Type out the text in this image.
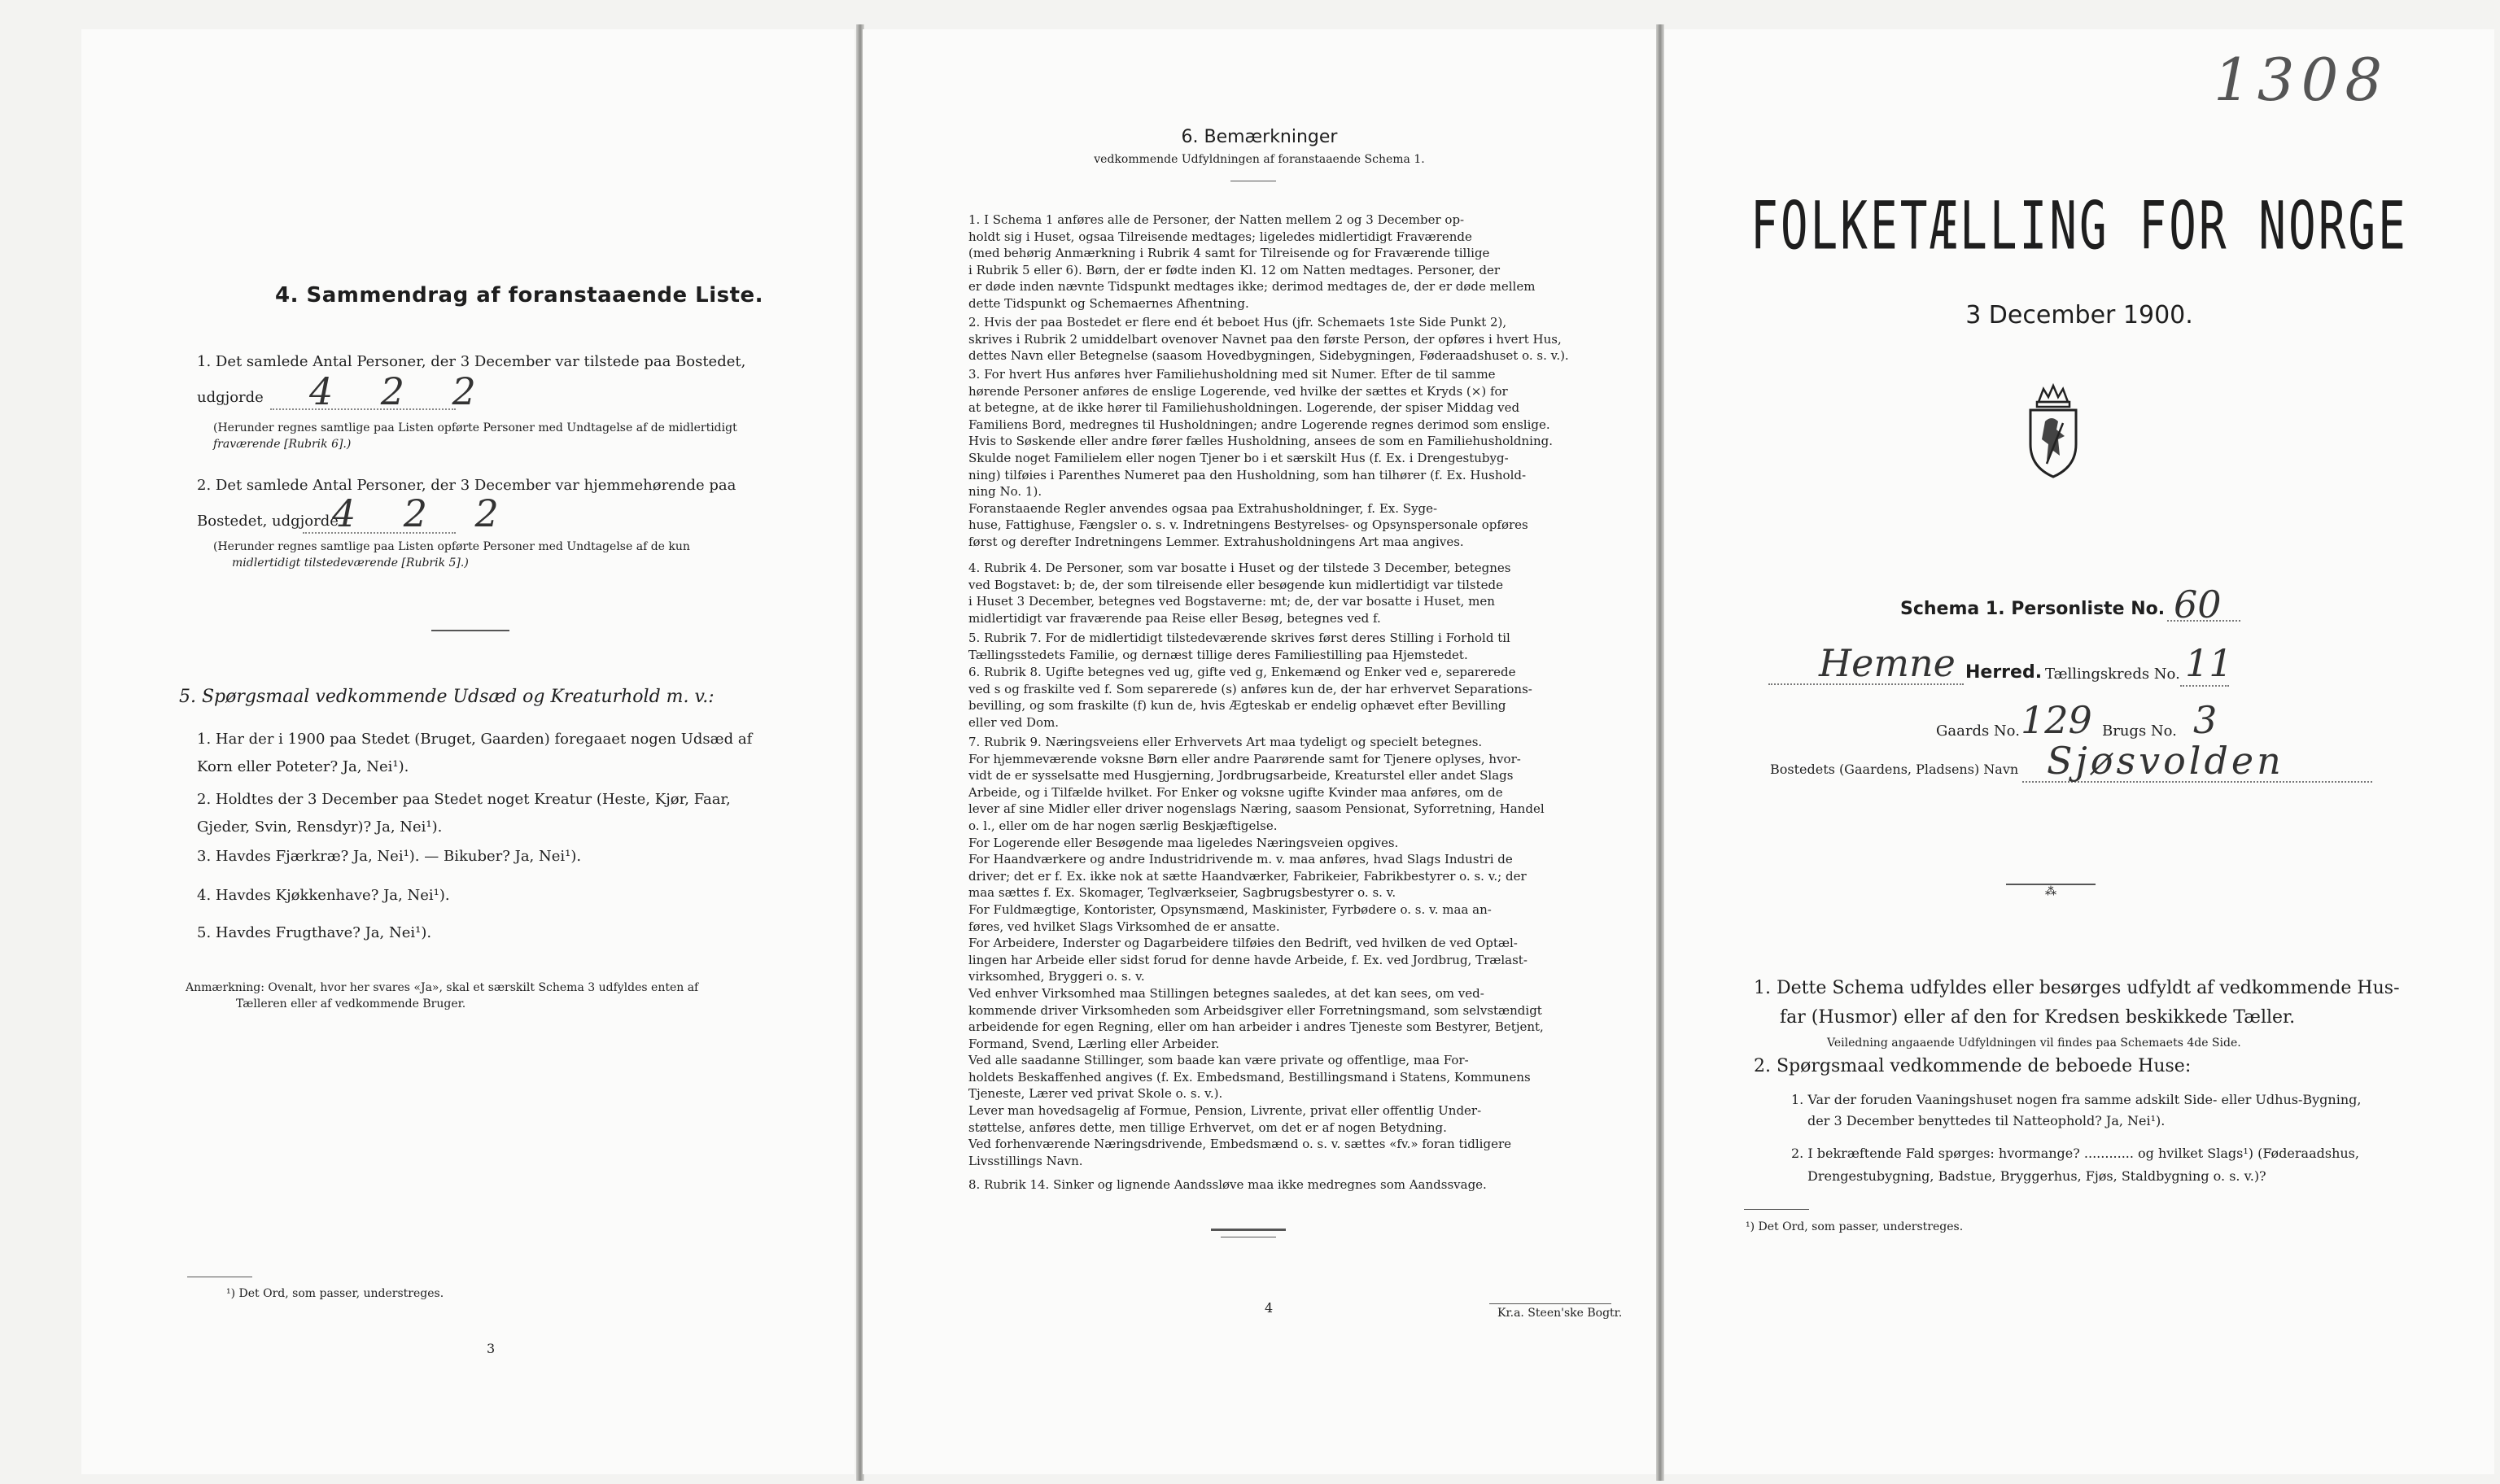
4. Sammendrag af foranstaaende Liste.
1. Det samlede Antal Personer, der 3 December var tilstede paa Bostedet,
udgjorde 4    2    2
(Herunder regnes samtlige paa Listen opførte Personer med Undtagelse af de midlertidigt
fraværende [Rubrik 6].)
2. Det samlede Antal Personer, der 3 December var hjemmehørende paa
Bostedet, udgjorde
4    2    2
(Herunder regnes samtlige paa Listen opførte Personer med Undtagelse af de kun
midlertidigt tilstedeværende [Rubrik 5].)
5. Spørgsmaal vedkommende Udsæd og Kreaturhold m. v.:
1. Har der i 1900 paa Stedet (Bruget, Gaarden) foregaaet nogen Udsæd af
Korn eller Poteter? Ja, Nei¹).
2. Holdtes der 3 December paa Stedet noget Kreatur (Heste, Kjør, Faar,
Gjeder, Svin, Rensdyr)? Ja, Nei¹).
3. Havdes Fjærkræ? Ja, Nei¹). — Bikuber? Ja, Nei¹).
4. Havdes Kjøkkenhave? Ja, Nei¹).
5. Havdes Frugthave? Ja, Nei¹).
Anmærkning: Ovenalt, hvor her svares «Ja», skal et særskilt Schema 3 udfyldes enten af
Tælleren eller af vedkommende Bruger.
¹) Det Ord, som passer, understreges.
3
6. Bemærkninger
vedkommende Udfyldningen af foranstaaende Schema 1.
1. I Schema 1 anføres alle de Personer, der Natten mellem 2 og 3 December op-
holdt sig i Huset, ogsaa Tilreisende medtages; ligeledes midlertidigt Fraværende
(med behørig Anmærkning i Rubrik 4 samt for Tilreisende og for Fraværende tillige
i Rubrik 5 eller 6). Børn, der er fødte inden Kl. 12 om Natten medtages. Personer, der
er døde inden nævnte Tidspunkt medtages ikke; derimod medtages de, der er døde mellem
dette Tidspunkt og Schemaernes Afhentning.
2. Hvis der paa Bostedet er flere end ét beboet Hus (jfr. Schemaets 1ste Side Punkt 2),
skrives i Rubrik 2 umiddelbart ovenover Navnet paa den første Person, der opføres i hvert Hus,
dettes Navn eller Betegnelse (saasom Hovedbygningen, Sidebygningen, Føderaadshuset o. s. v.).
3. For hvert Hus anføres hver Familiehusholdning med sit Numer. Efter de til samme
hørende Personer anføres de enslige Logerende, ved hvilke der sættes et Kryds (×) for
at betegne, at de ikke hører til Familiehusholdningen. Logerende, der spiser Middag ved
Familiens Bord, medregnes til Husholdningen; andre Logerende regnes derimod som enslige.
Hvis to Søskende eller andre fører fælles Husholdning, ansees de som en Familiehusholdning.
Skulde noget Familielem eller nogen Tjener bo i et særskilt Hus (f. Ex. i Drengestubyg-
ning) tilføies i Parenthes Numeret paa den Husholdning, som han tilhører (f. Ex. Hushold-
ning No. 1).
Foranstaaende Regler anvendes ogsaa paa Extrahusholdninger, f. Ex. Syge-
huse, Fattighuse, Fængsler o. s. v. Indretningens Bestyrelses- og Opsynspersonale opføres
først og derefter Indretningens Lemmer. Extrahusholdningens Art maa angives.
4. Rubrik 4. De Personer, som var bosatte i Huset og der tilstede 3 December, betegnes
ved Bogstavet: b; de, der som tilreisende eller besøgende kun midlertidigt var tilstede
i Huset 3 December, betegnes ved Bogstaverne: mt; de, der var bosatte i Huset, men
midlertidigt var fraværende paa Reise eller Besøg, betegnes ved f.
5. Rubrik 7. For de midlertidigt tilstedeværende skrives først deres Stilling i Forhold til
Tællingsstedets Familie, og dernæst tillige deres Familiestilling paa Hjemstedet.
6. Rubrik 8. Ugifte betegnes ved ug, gifte ved g, Enkemænd og Enker ved e, separerede
ved s og fraskilte ved f. Som separerede (s) anføres kun de, der har erhvervet Separations-
bevilling, og som fraskilte (f) kun de, hvis Ægteskab er endelig ophævet efter Bevilling
eller ved Dom.
7. Rubrik 9. Næringsveiens eller Erhvervets Art maa tydeligt og specielt betegnes.
For hjemmeværende voksne Børn eller andre Paarørende samt for Tjenere oplyses, hvor-
vidt de er sysselsatte med Husgjerning, Jordbrugsarbeide, Kreaturstel eller andet Slags
Arbeide, og i Tilfælde hvilket. For Enker og voksne ugifte Kvinder maa anføres, om de
lever af sine Midler eller driver nogenslags Næring, saasom Pensionat, Syforretning, Handel
o. l., eller om de har nogen særlig Beskjæftigelse.
For Logerende eller Besøgende maa ligeledes Næringsveien opgives.
For Haandværkere og andre Industridrivende m. v. maa anføres, hvad Slags Industri de
driver; det er f. Ex. ikke nok at sætte Haandværker, Fabrikeier, Fabrikbestyrer o. s. v.; der
maa sættes f. Ex. Skomager, Teglværkseier, Sagbrugsbestyrer o. s. v.
For Fuldmægtige, Kontorister, Opsynsmænd, Maskinister, Fyrbødere o. s. v. maa an-
føres, ved hvilket Slags Virksomhed de er ansatte.
For Arbeidere, Inderster og Dagarbeidere tilføies den Bedrift, ved hvilken de ved Optæl-
lingen har Arbeide eller sidst forud for denne havde Arbeide, f. Ex. ved Jordbrug, Trælast-
virksomhed, Bryggeri o. s. v.
Ved enhver Virksomhed maa Stillingen betegnes saaledes, at det kan sees, om ved-
kommende driver Virksomheden som Arbeidsgiver eller Forretningsmand, som selvstændigt
arbeidende for egen Regning, eller om han arbeider i andres Tjeneste som Bestyrer, Betjent,
Formand, Svend, Lærling eller Arbeider.
Ved alle saadanne Stillinger, som baade kan være private og offentlige, maa For-
holdets Beskaffenhed angives (f. Ex. Embedsmand, Bestillingsmand i Statens, Kommunens
Tjeneste, Lærer ved privat Skole o. s. v.).
Lever man hovedsagelig af Formue, Pension, Livrente, privat eller offentlig Under-
støttelse, anføres dette, men tillige Erhvervet, om det er af nogen Betydning.
Ved forhenværende Næringsdrivende, Embedsmænd o. s. v. sættes «fv.» foran tidligere
Livsstillings Navn.
8. Rubrik 14. Sinker og lignende Aandssløve maa ikke medregnes som Aandssvage.
4	Kr.a. Steen'ske Bogtr.
1308
FOLKETÆLLING FOR NORGE
3 December 1900.
Schema 1. Personliste No. 60
Hemne Herred. Tællingskreds No. 11
Gaards No. 129 Brugs No. 3
Bostedets (Gaardens, Pladsens) Navn Sjøsvolden
⁂
1. Dette Schema udfyldes eller besørges udfyldt af vedkommende Hus-
far (Husmor) eller af den for Kredsen beskikkede Tæller.
Veiledning angaaende Udfyldningen vil findes paa Schemaets 4de Side.
2. Spørgsmaal vedkommende de beboede Huse:
1. Var der foruden Vaaningshuset nogen fra samme adskilt Side- eller Udhus-Bygning,
der 3 December benyttedes til Natteophold? Ja, Nei¹).
2. I bekræftende Fald spørges: hvormange? ............ og hvilket Slags¹) (Føderaadshus,
Drengestubygning, Badstue, Bryggerhus, Fjøs, Staldbygning o. s. v.)?
¹) Det Ord, som passer, understreges.
